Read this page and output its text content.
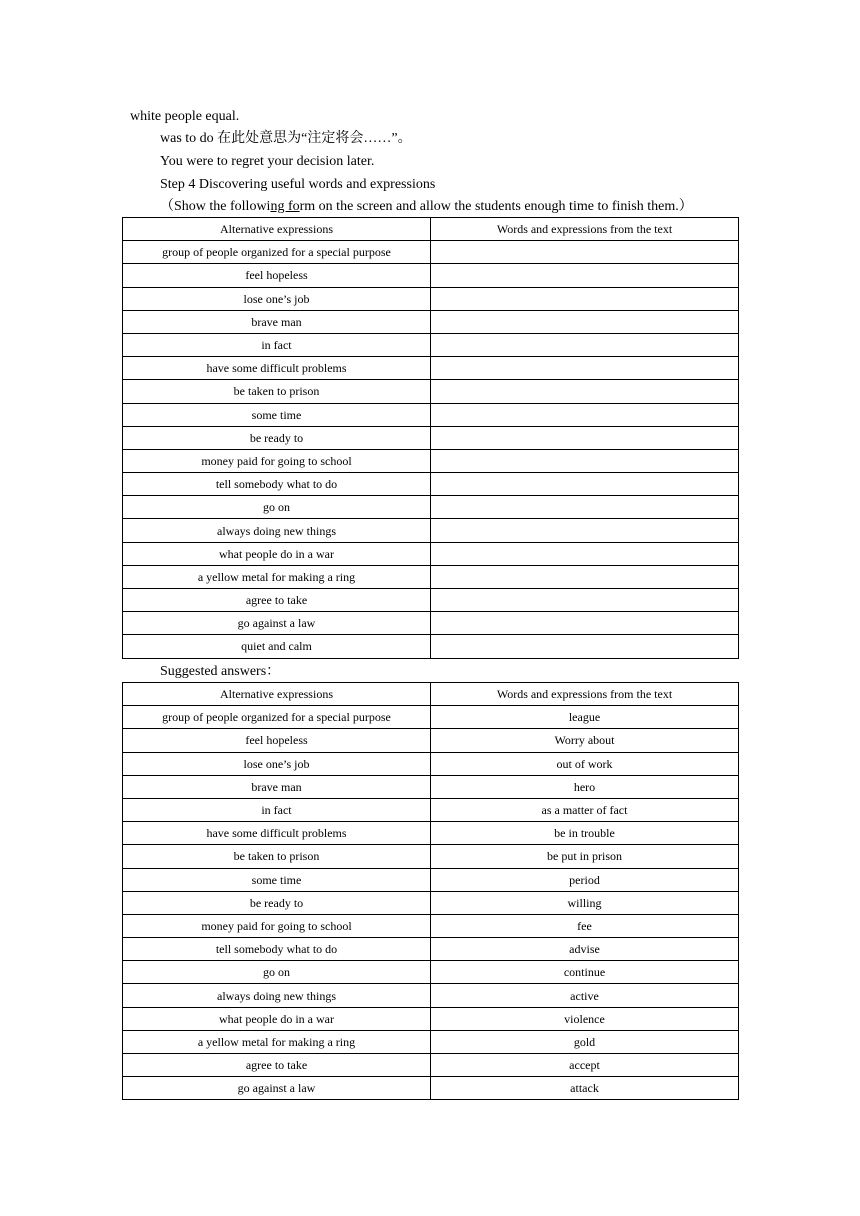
white people equal.
was to do 在此处意思为“注定将会……”。
You were to regret your decision later.
Step 4 Discovering useful words and expressions
（Show the following form on the screen and allow the students enough time to finish them.）
Alternative expressions	Words and expressions from the text
group of people organized for a special purpose	
feel hopeless	
lose one’s job	
brave man	
in fact	
have some difficult problems	
be taken to prison	
some time	
be ready to	
money paid for going to school	
tell somebody what to do	
go on	
always doing new things	
what people do in a war	
a yellow metal for making a ring	
agree to take	
go against a law	
quiet and calm	
Suggested answers：
Alternative expressions	Words and expressions from the text
group of people organized for a special purpose	league
feel hopeless	Worry about
lose one’s job	out of work
brave man	hero
in fact	as a matter of fact
have some difficult problems	be in trouble
be taken to prison	be put in prison
some time	period
be ready to	willing
money paid for going to school	fee
tell somebody what to do	advise
go on	continue
always doing new things	active
what people do in a war	violence
a yellow metal for making a ring	gold
agree to take	accept
go against a law	attack
